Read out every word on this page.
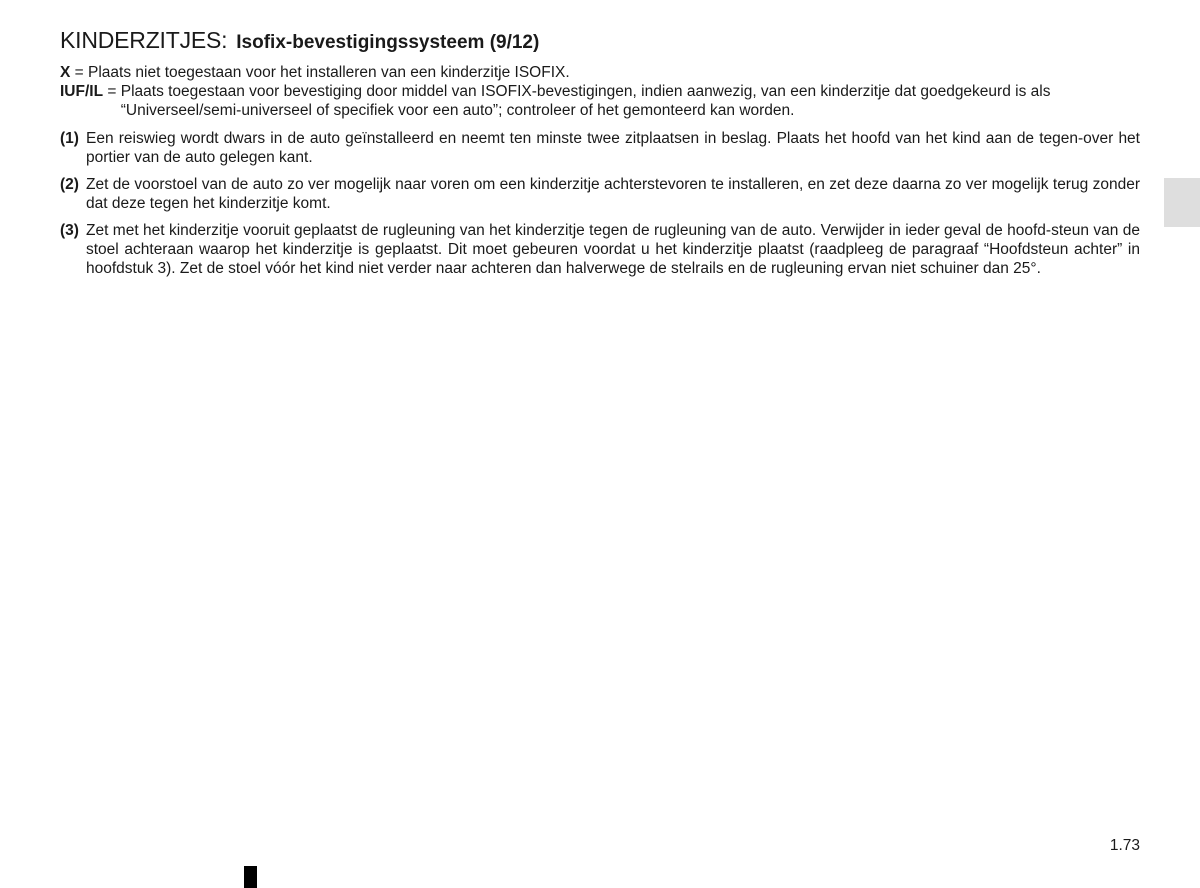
KINDERZITJES: Isofix-bevestigingssysteem (9/12)
X = Plaats niet toegestaan voor het installeren van een kinderzitje ISOFIX.
IUF/IL = Plaats toegestaan voor bevestiging door middel van ISOFIX-bevestigingen, indien aanwezig, van een kinderzitje dat goedgekeurd is als “Universeel/semi-universeel of specifiek voor een auto”; controleer of het gemonteerd kan worden.
(1) Een reiswieg wordt dwars in de auto geïnstalleerd en neemt ten minste twee zitplaatsen in beslag. Plaats het hoofd van het kind aan de tegen-over het portier van de auto gelegen kant.
(2) Zet de voorstoel van de auto zo ver mogelijk naar voren om een kinderzitje achterstevoren te installeren, en zet deze daarna zo ver mogelijk terug zonder dat deze tegen het kinderzitje komt.
(3) Zet met het kinderzitje vooruit geplaatst de rugleuning van het kinderzitje tegen de rugleuning van de auto. Verwijder in ieder geval de hoofd-steun van de stoel achteraan waarop het kinderzitje is geplaatst. Dit moet gebeuren voordat u het kinderzitje plaatst (raadpleeg de paragraaf “Hoofdsteun achter” in hoofdstuk 3). Zet de stoel vóór het kind niet verder naar achteren dan halverwege de stelrails en de rugleuning ervan niet schuiner dan 25°.
1.73
